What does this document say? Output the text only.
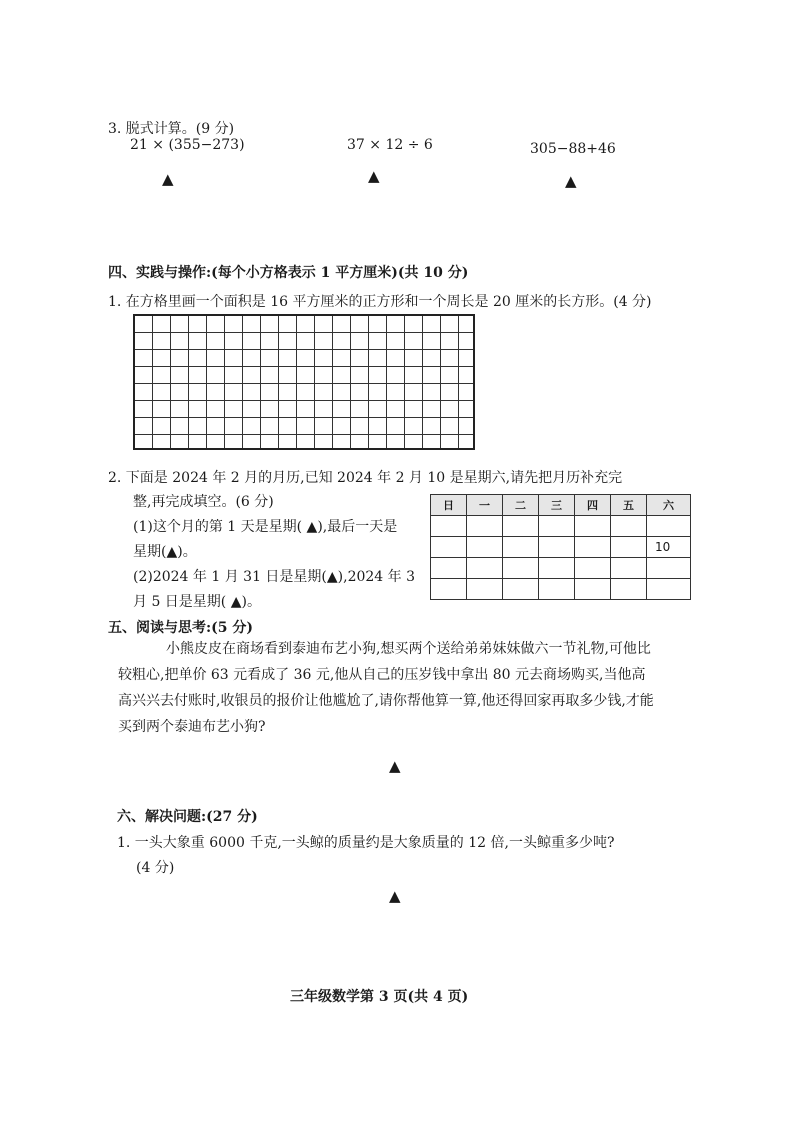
3. 脱式计算。(9 分)
21 × (355−273)	37 × 12 ÷ 6	305−88+46
▲	▲	▲
四、实践与操作:(每个小方格表示 1 平方厘米)(共 10 分)
1. 在方格里画一个面积是 16 平方厘米的正方形和一个周长是 20 厘米的长方形。(4 分)
2. 下面是 2024 年 2 月的月历,已知 2024 年 2 月 10 是星期六,请先把月历补充完
整,再完成填空。(6 分)
(1)这个月的第 1 天是星期( ▲),最后一天是
星期(▲)。
(2)2024 年 1 月 31 日是星期(▲),2024 年 3
月 5 日是星期( ▲)。
日	一	二	三	四	五	六

						10

五、阅读与思考:(5 分)
小熊皮皮在商场看到泰迪布艺小狗,想买两个送给弟弟妹妹做六一节礼物,可他比较粗心,把单价 63 元看成了 36 元,他从自己的压岁钱中拿出 80 元去商场购买,当他高高兴兴去付账时,收银员的报价让他尴尬了,请你帮他算一算,他还得回家再取多少钱,才能买到两个泰迪布艺小狗?
▲
六、解决问题:(27 分)
1. 一头大象重 6000 千克,一头鲸的质量约是大象质量的 12 倍,一头鲸重多少吨?
(4 分)
▲
三年级数学第 3 页(共 4 页)
